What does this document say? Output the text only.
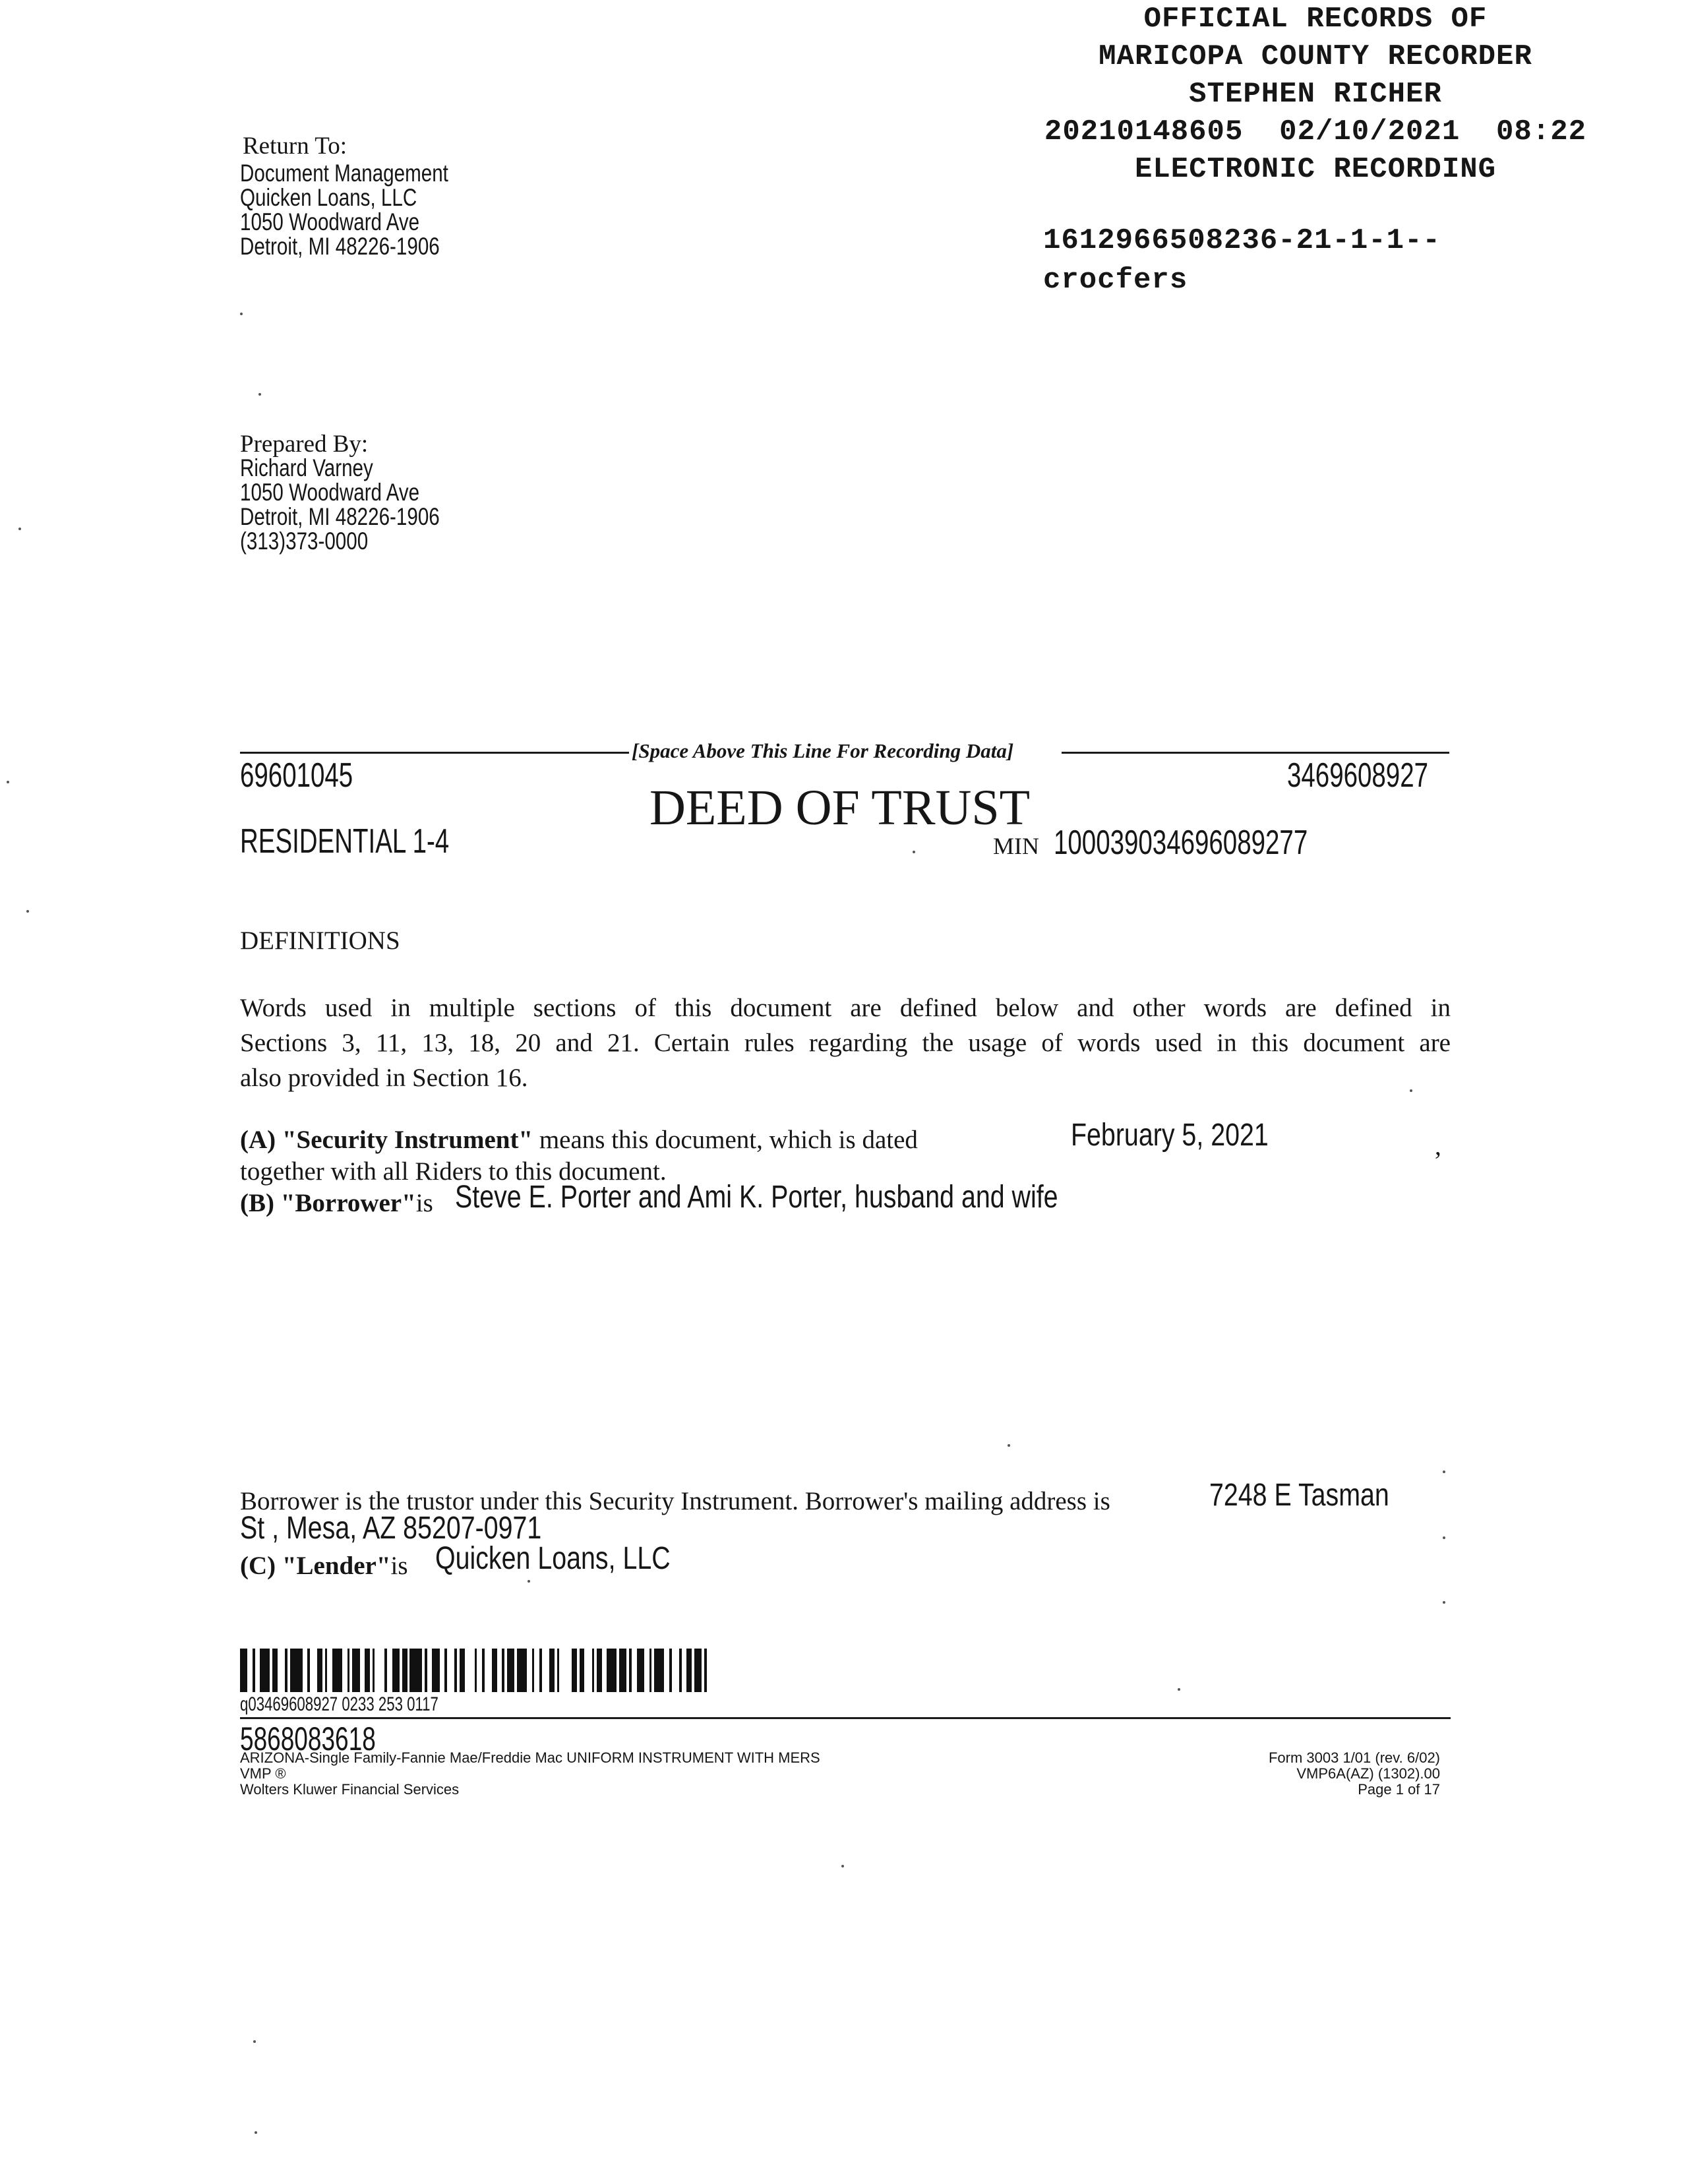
OFFICIAL RECORDS OF
MARICOPA COUNTY RECORDER
STEPHEN RICHER
20210148605  02/10/2021  08:22
ELECTRONIC RECORDING
1612966508236-21-1-1--
crocfers
Return To:
Document Management
Quicken Loans, LLC
1050 Woodward Ave
Detroit, MI 48226-1906
Prepared By:
Richard Varney
1050 Woodward Ave
Detroit, MI 48226-1906
(313)373-0000
[Space Above This Line For Recording Data]
69601045	3469608927
DEED OF TRUST
RESIDENTIAL 1-4	MIN 100039034696089277
DEFINITIONS
Words used in multiple sections of this document are defined below and other words are defined in
Sections 3, 11, 13, 18, 20 and 21. Certain rules regarding the usage of words used in this document are
also provided in Section 16.
(A) "Security Instrument" means this document, which is dated	February 5, 2021	,
together with all Riders to this document.
(B) "Borrower"is Steve E. Porter and Ami K. Porter, husband and wife
Borrower is the trustor under this Security Instrument. Borrower's mailing address is	7248 E Tasman
St , Mesa, AZ 85207-0971
(C) "Lender"is Quicken Loans, LLC
q03469608927 0233 253 0117
5868083618
ARIZONA-Single Family-Fannie Mae/Freddie Mac UNIFORM INSTRUMENT WITH MERS
VMP ®
Wolters Kluwer Financial Services
Form 3003 1/01 (rev. 6/02)
VMP6A(AZ) (1302).00
Page 1 of 17
